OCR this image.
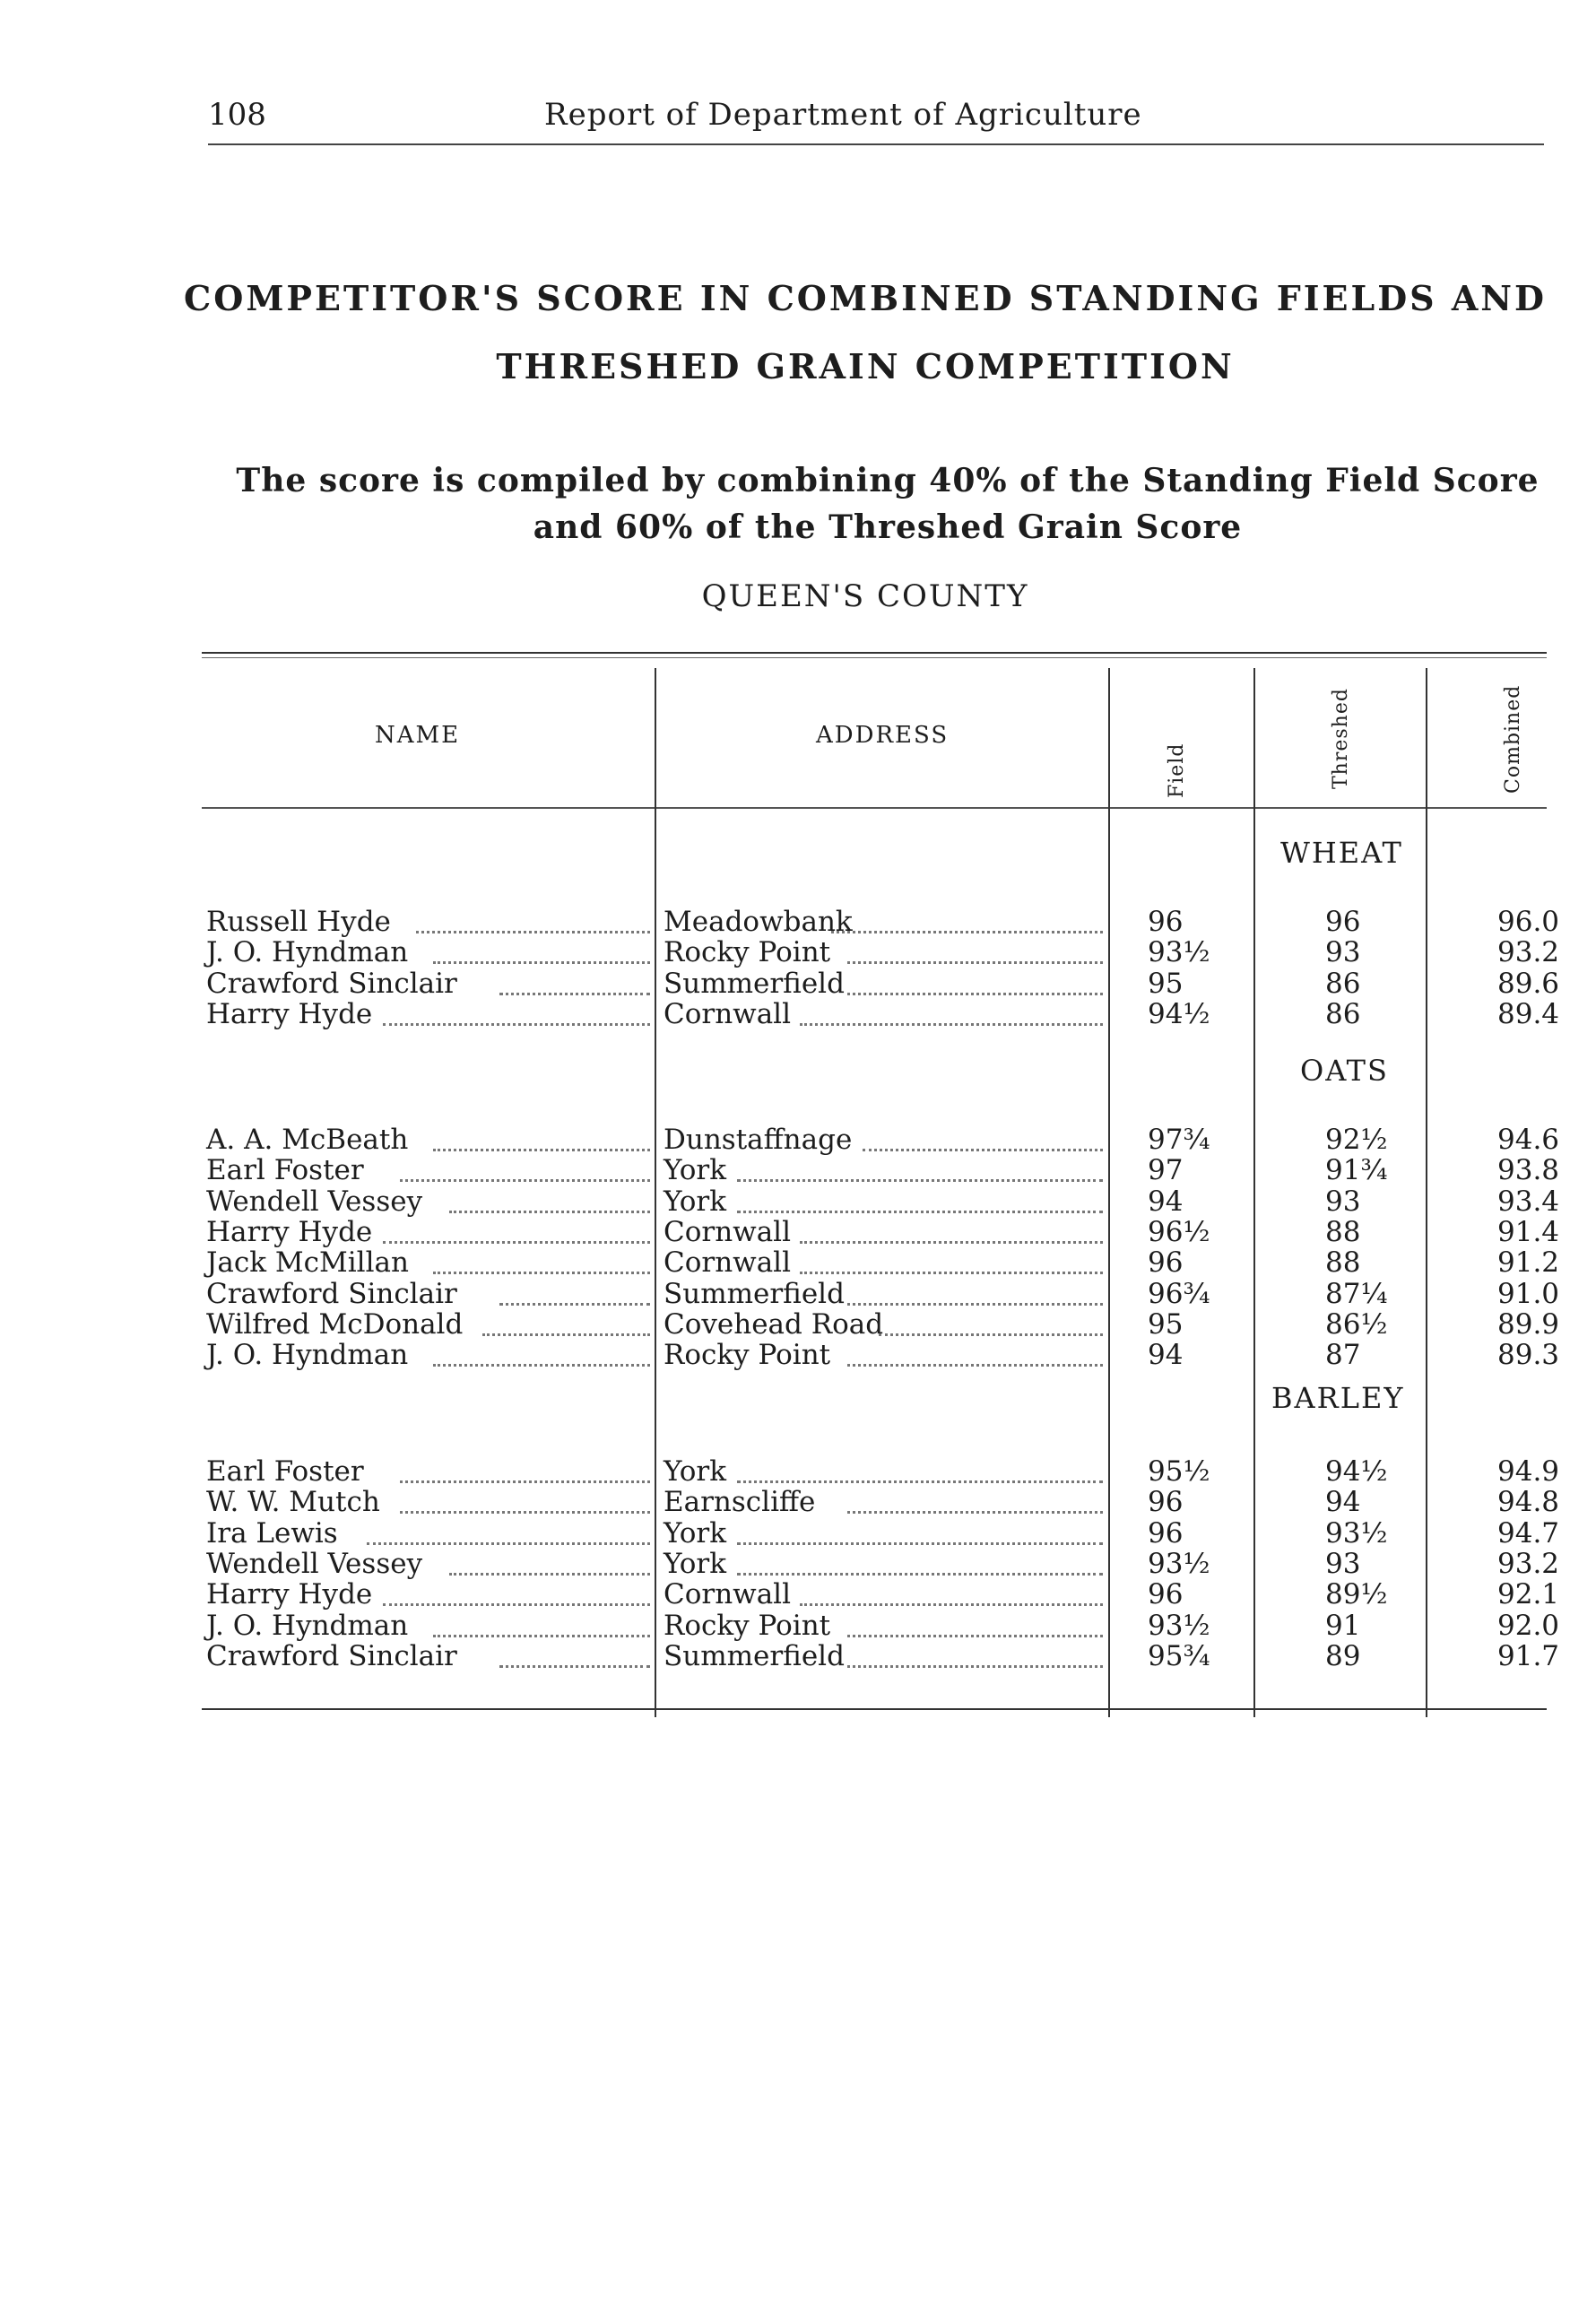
108	Report of Department of Agriculture
COMPETITOR'S SCORE IN COMBINED STANDING FIELDS AND
THRESHED GRAIN COMPETITION
The score is compiled by combining 40% of the Standing Field Score
and 60% of the Threshed Grain Score
QUEEN'S COUNTY
NAME	ADDRESS
Field	Threshed	Combined
WHEAT
Russell Hyde	Meadowbank	96	96	96.0
J. O. Hyndman	Rocky Point	93½	93	93.2
Crawford Sinclair	Summerfield	95	86	89.6
Harry Hyde	Cornwall	94½	86	89.4
OATS
A. A. McBeath	Dunstaffnage	97¾	92½	94.6
Earl Foster	York	97	91¾	93.8
Wendell Vessey	York	94	93	93.4
Harry Hyde	Cornwall	96½	88	91.4
Jack McMillan	Cornwall	96	88	91.2
Crawford Sinclair	Summerfield	96¾	87¼	91.0
Wilfred McDonald	Covehead Road	95	86½	89.9
J. O. Hyndman	Rocky Point	94	87	89.3
BARLEY
Earl Foster	York	95½	94½	94.9
W. W. Mutch	Earnscliffe	96	94	94.8
Ira Lewis	York	96	93½	94.7
Wendell Vessey	York	93½	93	93.2
Harry Hyde	Cornwall	96	89½	92.1
J. O. Hyndman	Rocky Point	93½	91	92.0
Crawford Sinclair	Summerfield	95¾	89	91.7
